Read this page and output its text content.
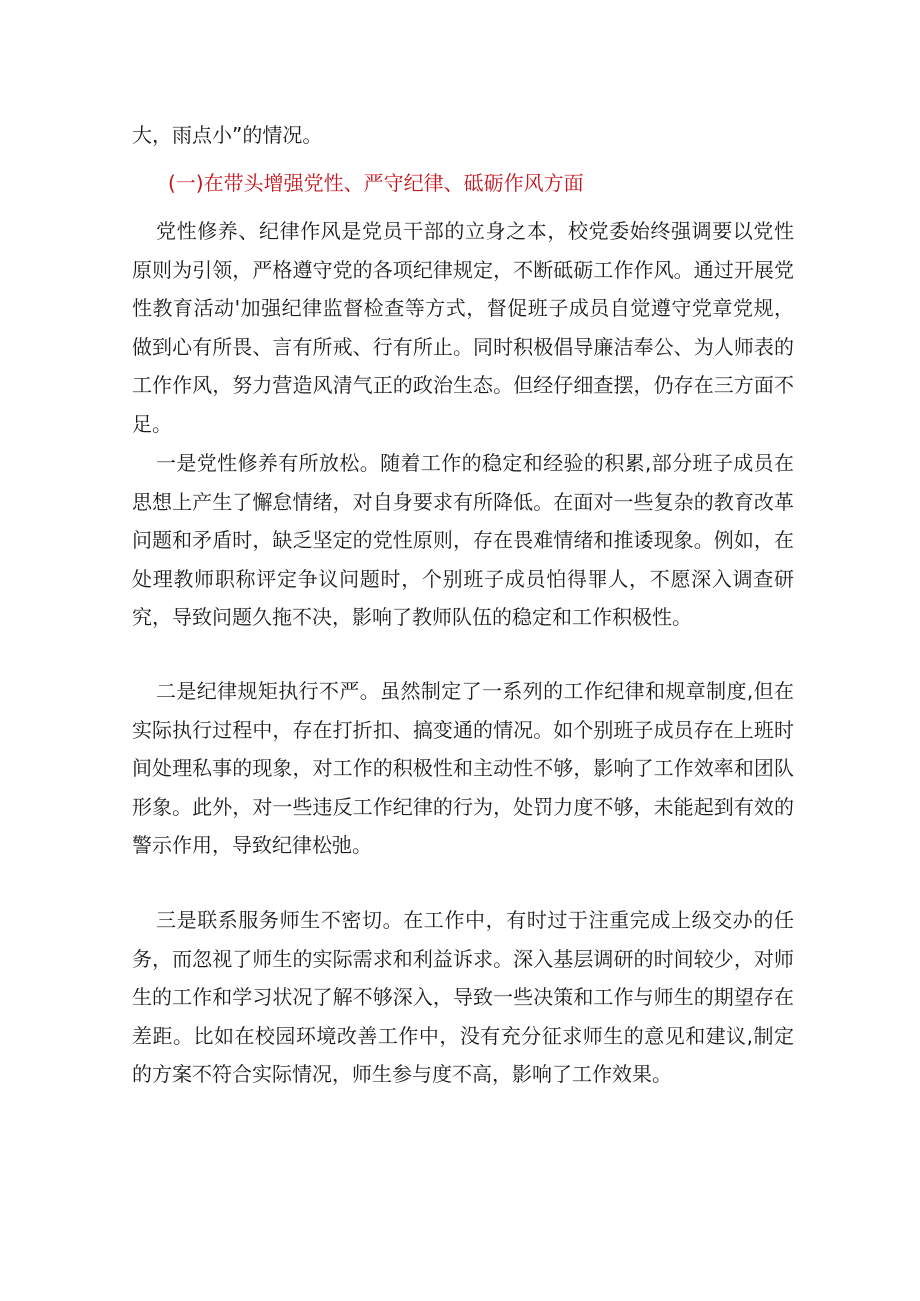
大，雨点小”的情况。

(一)在带头增强党性、严守纪律、砥砺作风方面

党性修养、纪律作风是党员干部的立身之本，校党委始终强调要以党性原则为引领，严格遵守党的各项纪律规定，不断砥砺工作作风。通过开展党性教育活动'加强纪律监督检查等方式，督促班子成员自觉遵守党章党规，做到心有所畏、言有所戒、行有所止。同时积极倡导廉洁奉公、为人师表的工作作风，努力营造风清气正的政治生态。但经仔细查摆，仍存在三方面不足。

一是党性修养有所放松。随着工作的稳定和经验的积累,部分班子成员在思想上产生了懈怠情绪，对自身要求有所降低。在面对一些复杂的教育改革问题和矛盾时，缺乏坚定的党性原则，存在畏难情绪和推诿现象。例如，在处理教师职称评定争议问题时，个别班子成员怕得罪人，不愿深入调查研究，导致问题久拖不决，影响了教师队伍的稳定和工作积极性。

二是纪律规矩执行不严。虽然制定了一系列的工作纪律和规章制度,但在实际执行过程中，存在打折扣、搞变通的情况。如个别班子成员存在上班时间处理私事的现象，对工作的积极性和主动性不够，影响了工作效率和团队形象。此外，对一些违反工作纪律的行为，处罚力度不够，未能起到有效的警示作用，导致纪律松弛。

三是联系服务师生不密切。在工作中，有时过于注重完成上级交办的任务，而忽视了师生的实际需求和利益诉求。深入基层调研的时间较少，对师生的工作和学习状况了解不够深入，导致一些决策和工作与师生的期望存在差距。比如在校园环境改善工作中，没有充分征求师生的意见和建议,制定的方案不符合实际情况，师生参与度不高，影响了工作效果。
